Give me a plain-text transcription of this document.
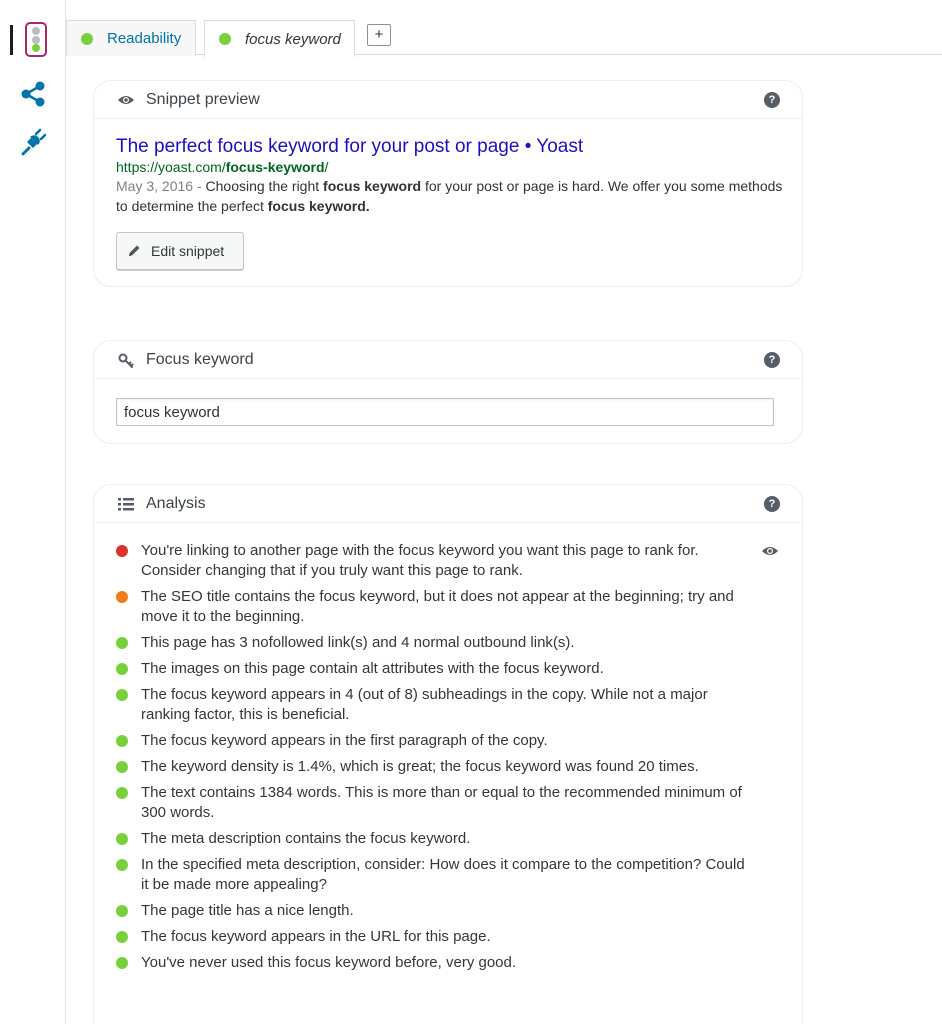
Readability	focus keyword	+
Snippet preview	?
The perfect focus keyword for your post or page • Yoast
https://yoast.com/focus-keyword/
May 3, 2016 - Choosing the right focus keyword for your post or page is hard. We offer you some methods to determine the perfect focus keyword.
Edit snippet
Focus keyword	?
focus keyword
Analysis	?
You're linking to another page with the focus keyword you want this page to rank for. Consider changing that if you truly want this page to rank.
The SEO title contains the focus keyword, but it does not appear at the beginning; try and move it to the beginning.
This page has 3 nofollowed link(s) and 4 normal outbound link(s).
The images on this page contain alt attributes with the focus keyword.
The focus keyword appears in 4 (out of 8) subheadings in the copy. While not a major ranking factor, this is beneficial.
The focus keyword appears in the first paragraph of the copy.
The keyword density is 1.4%, which is great; the focus keyword was found 20 times.
The text contains 1384 words. This is more than or equal to the recommended minimum of 300 words.
The meta description contains the focus keyword.
In the specified meta description, consider: How does it compare to the competition? Could it be made more appealing?
The page title has a nice length.
The focus keyword appears in the URL for this page.
You've never used this focus keyword before, very good.
